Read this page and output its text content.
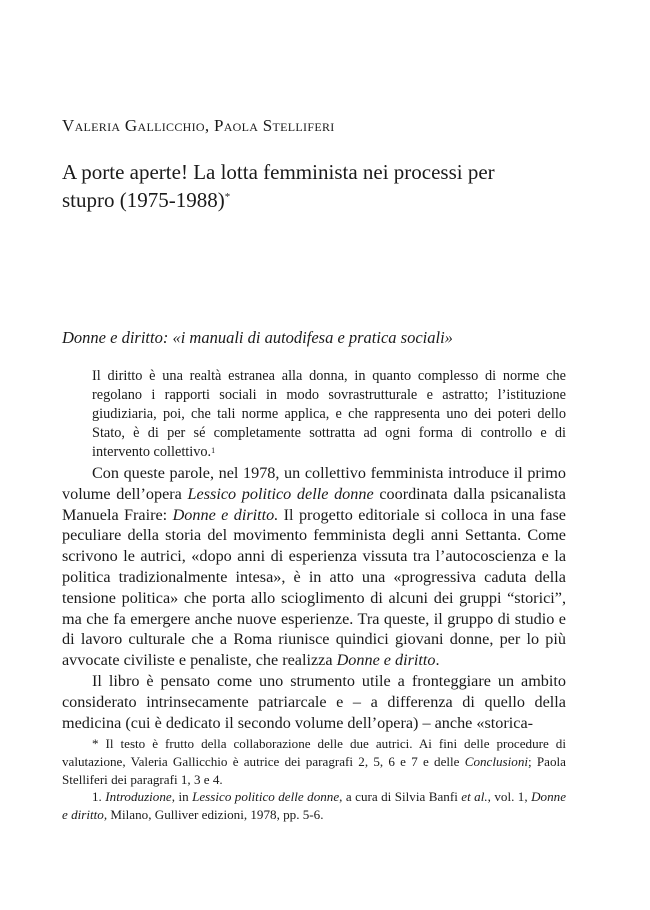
Valeria Gallicchio, Paola Stelliferi
A porte aperte! La lotta femminista nei processi per stupro (1975-1988)*
Donne e diritto: «i manuali di autodifesa e pratica sociali»
Il diritto è una realtà estranea alla donna, in quanto complesso di norme che regolano i rapporti sociali in modo sovrastrutturale e astratto; l’istituzione giudiziaria, poi, che tali norme applica, e che rappresenta uno dei poteri dello Stato, è di per sé completamente sottratta ad ogni forma di controllo e di intervento collettivo.$^1$

Con queste parole, nel 1978, un collettivo femminista introduce il primo volume dell’opera Lessico politico delle donne coordinata dalla psicanalista Manuela Fraire: Donne e diritto. Il progetto editoriale si colloca in una fase peculiare della storia del movimento femminista degli anni Settanta. Come scrivono le autrici, «dopo anni di esperienza vissuta tra l’autocoscienza e la politica tradizionalmente intesa», è in atto una «progressiva caduta della tensione politica» che porta allo scioglimento di alcuni dei gruppi “storici”, ma che fa emergere anche nuove esperienze. Tra queste, il gruppo di studio e di lavoro culturale che a Roma riunisce quindici giovani donne, per lo più avvocate civiliste e penaliste, che realizza Donne e diritto.

Il libro è pensato come uno strumento utile a fronteggiare un ambito considerato intrinsecamente patriarcale e – a differenza di quello della medicina (cui è dedicato il secondo volume dell’opera) – anche «storica-

* Il testo è frutto della collaborazione delle due autrici. Ai fini delle procedure di valutazione, Valeria Gallicchio è autrice dei paragrafi 2, 5, 6 e 7 e delle Conclusioni; Paola Stelliferi dei paragrafi 1, 3 e 4.

1. Introduzione, in Lessico politico delle donne, a cura di Silvia Banfi et al., vol. 1, Donne e diritto, Milano, Gulliver edizioni, 1978, pp. 5-6.
